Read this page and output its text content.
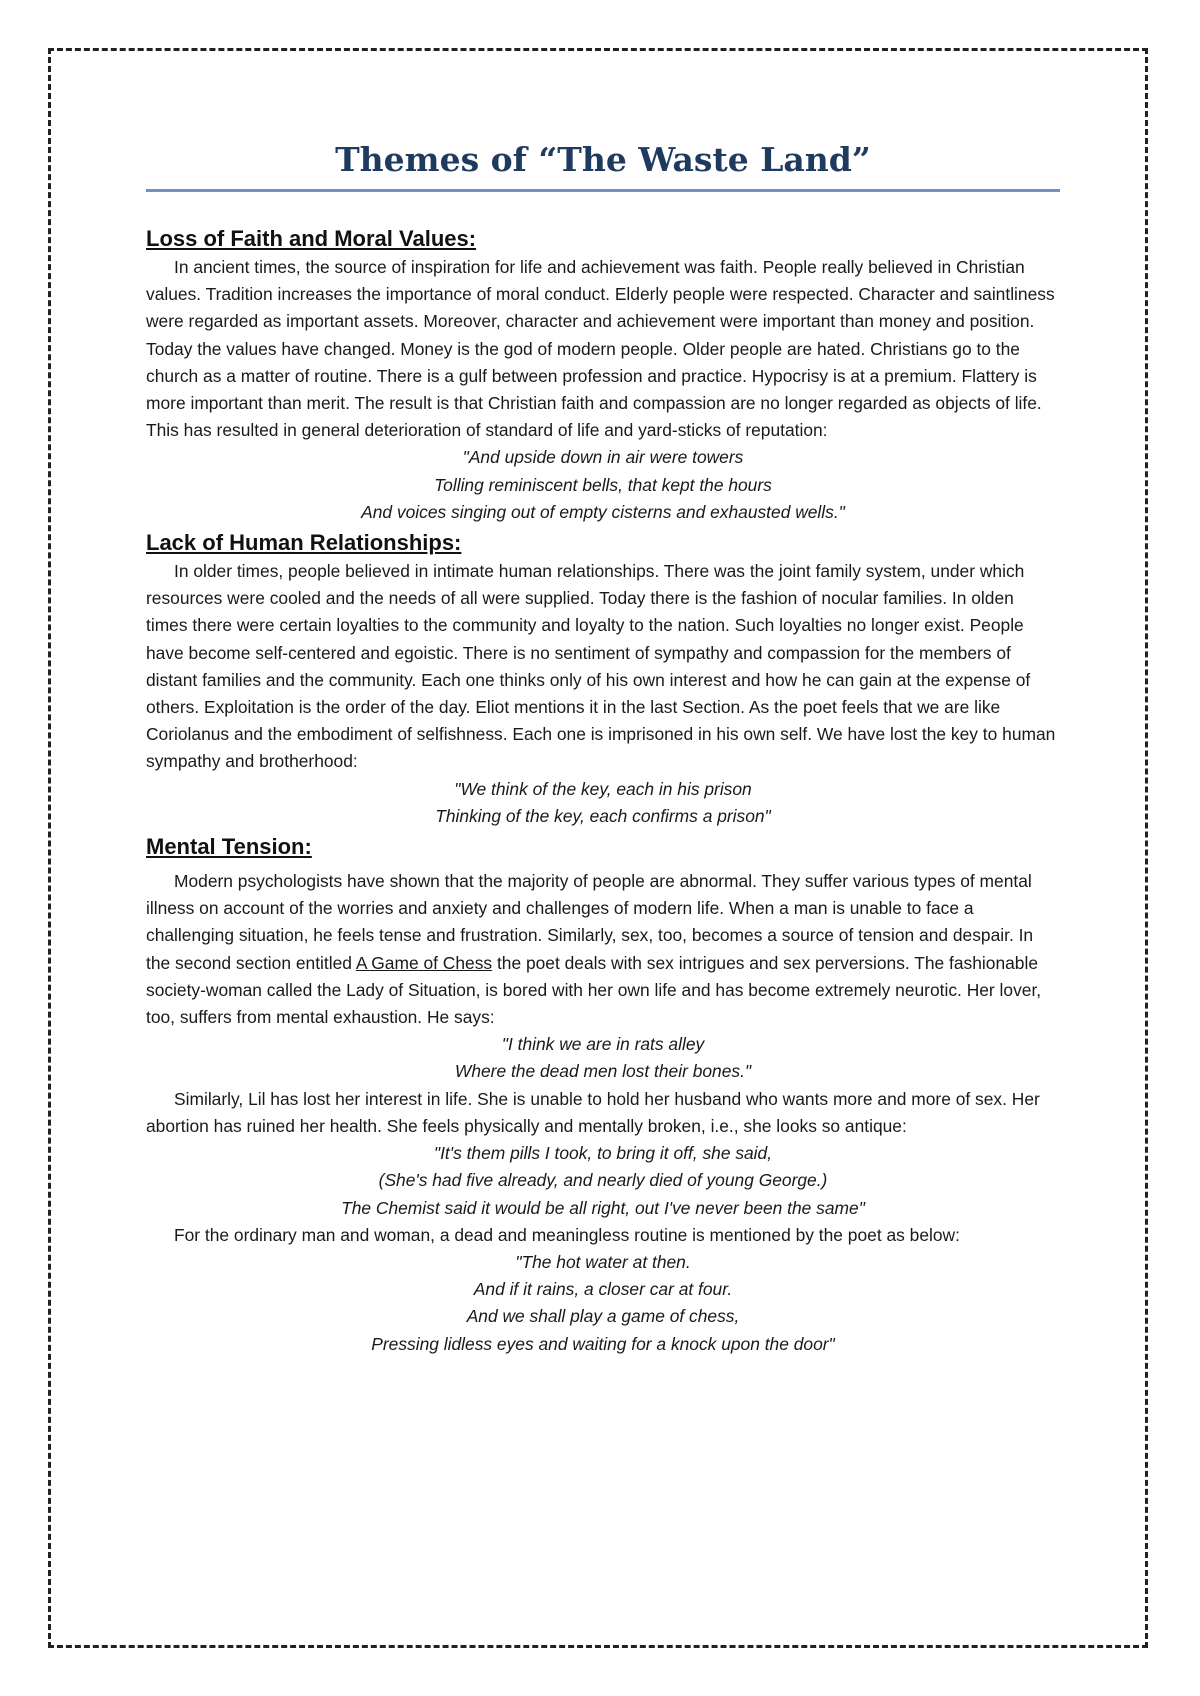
Themes of “The Waste Land”
Loss of Faith and Moral Values:

In ancient times, the source of inspiration for life and achievement was faith. People really believed in Christian values. Tradition increases the importance of moral conduct. Elderly people were respected. Character and saintliness were regarded as important assets. Moreover, character and achievement were important than money and position. Today the values have changed. Money is the god of modern people. Older people are hated. Christians go to the church as a matter of routine. There is a gulf between profession and practice. Hypocrisy is at a premium. Flattery is more important than merit. The result is that Christian faith and compassion are no longer regarded as objects of life. This has resulted in general deterioration of standard of life and yard-sticks of reputation:

"And upside down in air were towers

Tolling reminiscent bells, that kept the hours

And voices singing out of empty cisterns and exhausted wells."

Lack of Human Relationships:

In older times, people believed in intimate human relationships. There was the joint family system, under which resources were cooled and the needs of all were supplied. Today there is the fashion of nocular families. In olden times there were certain loyalties to the community and loyalty to the nation. Such loyalties no longer exist. People have become self-centered and egoistic. There is no sentiment of sympathy and compassion for the members of distant families and the community. Each one thinks only of his own interest and how he can gain at the expense of others. Exploitation is the order of the day. Eliot mentions it in the last Section. As the poet feels that we are like Coriolanus and the embodiment of selfishness. Each one is imprisoned in his own self. We have lost the key to human sympathy and brotherhood:

"We think of the key, each in his prison

Thinking of the key, each confirms a prison"

Mental Tension:

Modern psychologists have shown that the majority of people are abnormal. They suffer various types of mental illness on account of the worries and anxiety and challenges of modern life. When a man is unable to face a challenging situation, he feels tense and frustration. Similarly, sex, too, becomes a source of tension and despair. In the second section entitled A Game of Chess the poet deals with sex intrigues and sex perversions. The fashionable society-woman called the Lady of Situation, is bored with her own life and has become extremely neurotic. Her lover, too, suffers from mental exhaustion. He says:

"I think we are in rats alley

Where the dead men lost their bones."

Similarly, Lil has lost her interest in life. She is unable to hold her husband who wants more and more of sex. Her abortion has ruined her health. She feels physically and mentally broken, i.e., she looks so antique:

"It's them pills I took, to bring it off, she said,

(She's had five already, and nearly died of young George.)

The Chemist said it would be all right, out I've never been the same"

For the ordinary man and woman, a dead and meaningless routine is mentioned by the poet as below:

"The hot water at then.

And if it rains, a closer car at four.

And we shall play a game of chess,

Pressing lidless eyes and waiting for a knock upon the door"
